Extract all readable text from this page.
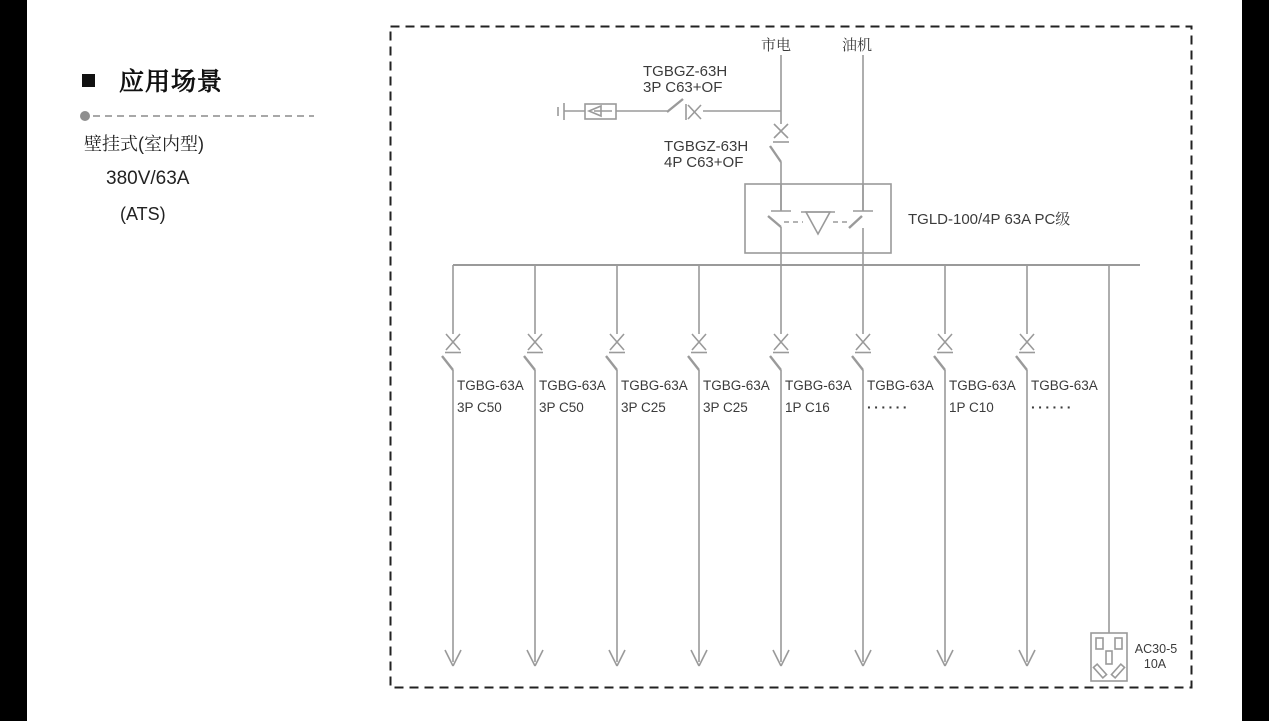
应用场景
壁挂式(室内型)
380V/63A
(ATS)
市电	油机
TGBGZ-63H
4P C63+OF
TGBGZ-63H
3P C63+OF
TGLD-100/4P 63A PC级
TGBG-63A
3P C50
TGBG-63A
3P C50
TGBG-63A
3P C25
TGBG-63A
3P C25
TGBG-63A
1P C16
TGBG-63A
······
TGBG-63A
1P C10
TGBG-63A
······
AC30-5
10A
